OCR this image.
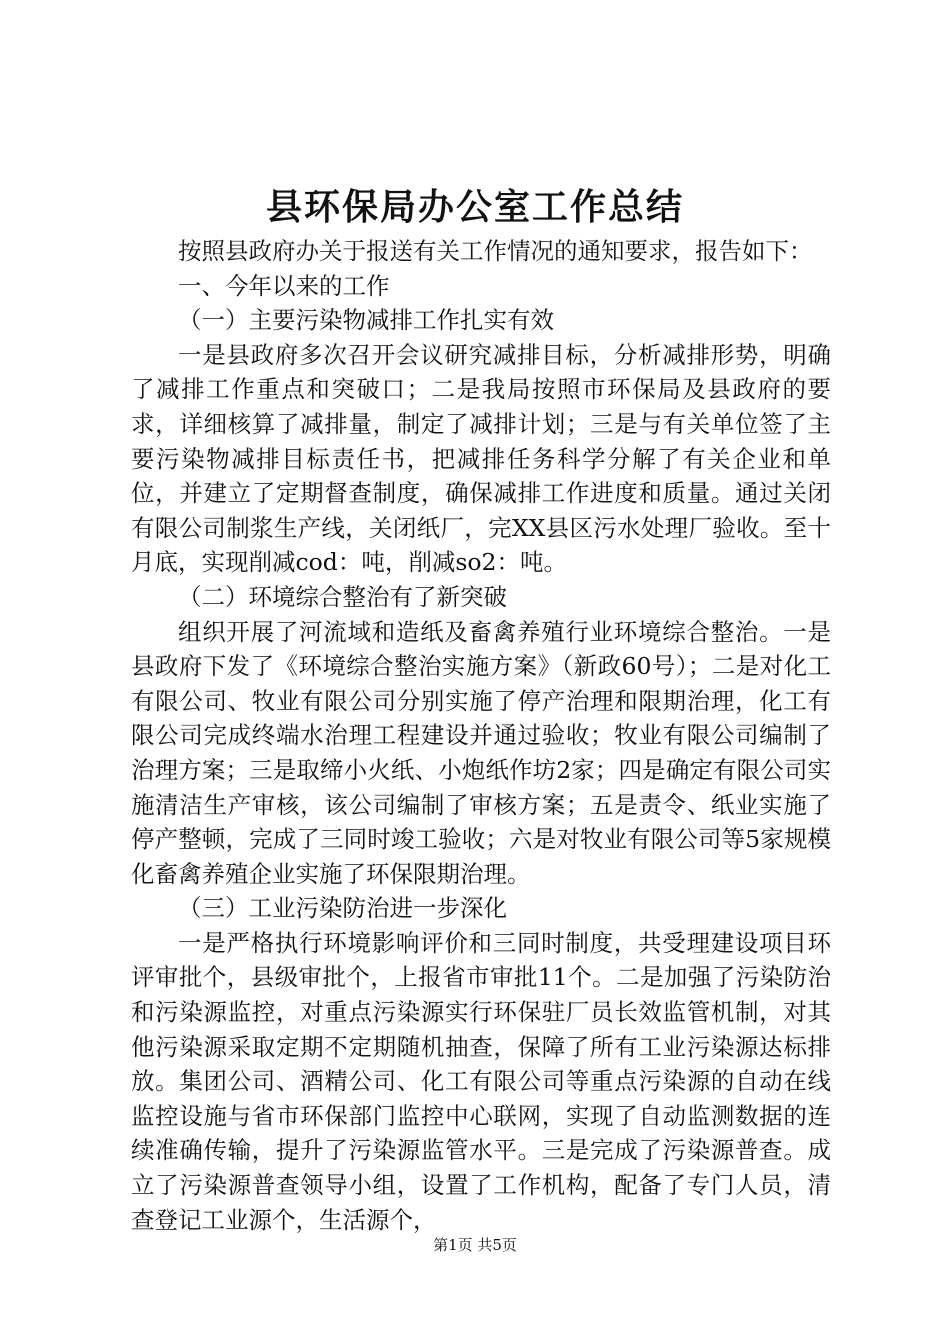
县环保局办公室工作总结

按照县政府办关于报送有关工作情况的通知要求，报告如下：

一、今年以来的工作

（一）主要污染物减排工作扎实有效

一是县政府多次召开会议研究减排目标，分析减排形势，明确了减排工作重点和突破口；二是我局按照市环保局及县政府的要求，详细核算了减排量，制定了减排计划；三是与有关单位签了主要污染物减排目标责任书，把减排任务科学分解了有关企业和单位，并建立了定期督查制度，确保减排工作进度和质量。通过关闭有限公司制浆生产线，关闭纸厂，完XX县区污水处理厂验收。至十月底，实现削减cod：吨，削减so2：吨。

（二）环境综合整治有了新突破

组织开展了河流域和造纸及畜禽养殖行业环境综合整治。一是县政府下发了《环境综合整治实施方案》（新政60号）；二是对化工有限公司、牧业有限公司分别实施了停产治理和限期治理，化工有限公司完成终端水治理工程建设并通过验收；牧业有限公司编制了治理方案；三是取缔小火纸、小炮纸作坊2家；四是确定有限公司实施清洁生产审核，该公司编制了审核方案；五是责令、纸业实施了停产整顿，完成了三同时竣工验收；六是对牧业有限公司等5家规模化畜禽养殖企业实施了环保限期治理。

（三）工业污染防治进一步深化

一是严格执行环境影响评价和三同时制度，共受理建设项目环评审批个，县级审批个，上报省市审批11个。二是加强了污染防治和污染源监控，对重点污染源实行环保驻厂员长效监管机制，对其他污染源采取定期不定期随机抽查，保障了所有工业污染源达标排放。集团公司、酒精公司、化工有限公司等重点污染源的自动在线监控设施与省市环保部门监控中心联网，实现了自动监测数据的连续准确传输，提升了污染源监管水平。三是完成了污染源普查。成立了污染源普查领导小组，设置了工作机构，配备了专门人员，清查登记工业源个，生活源个，

第1页 共5页
